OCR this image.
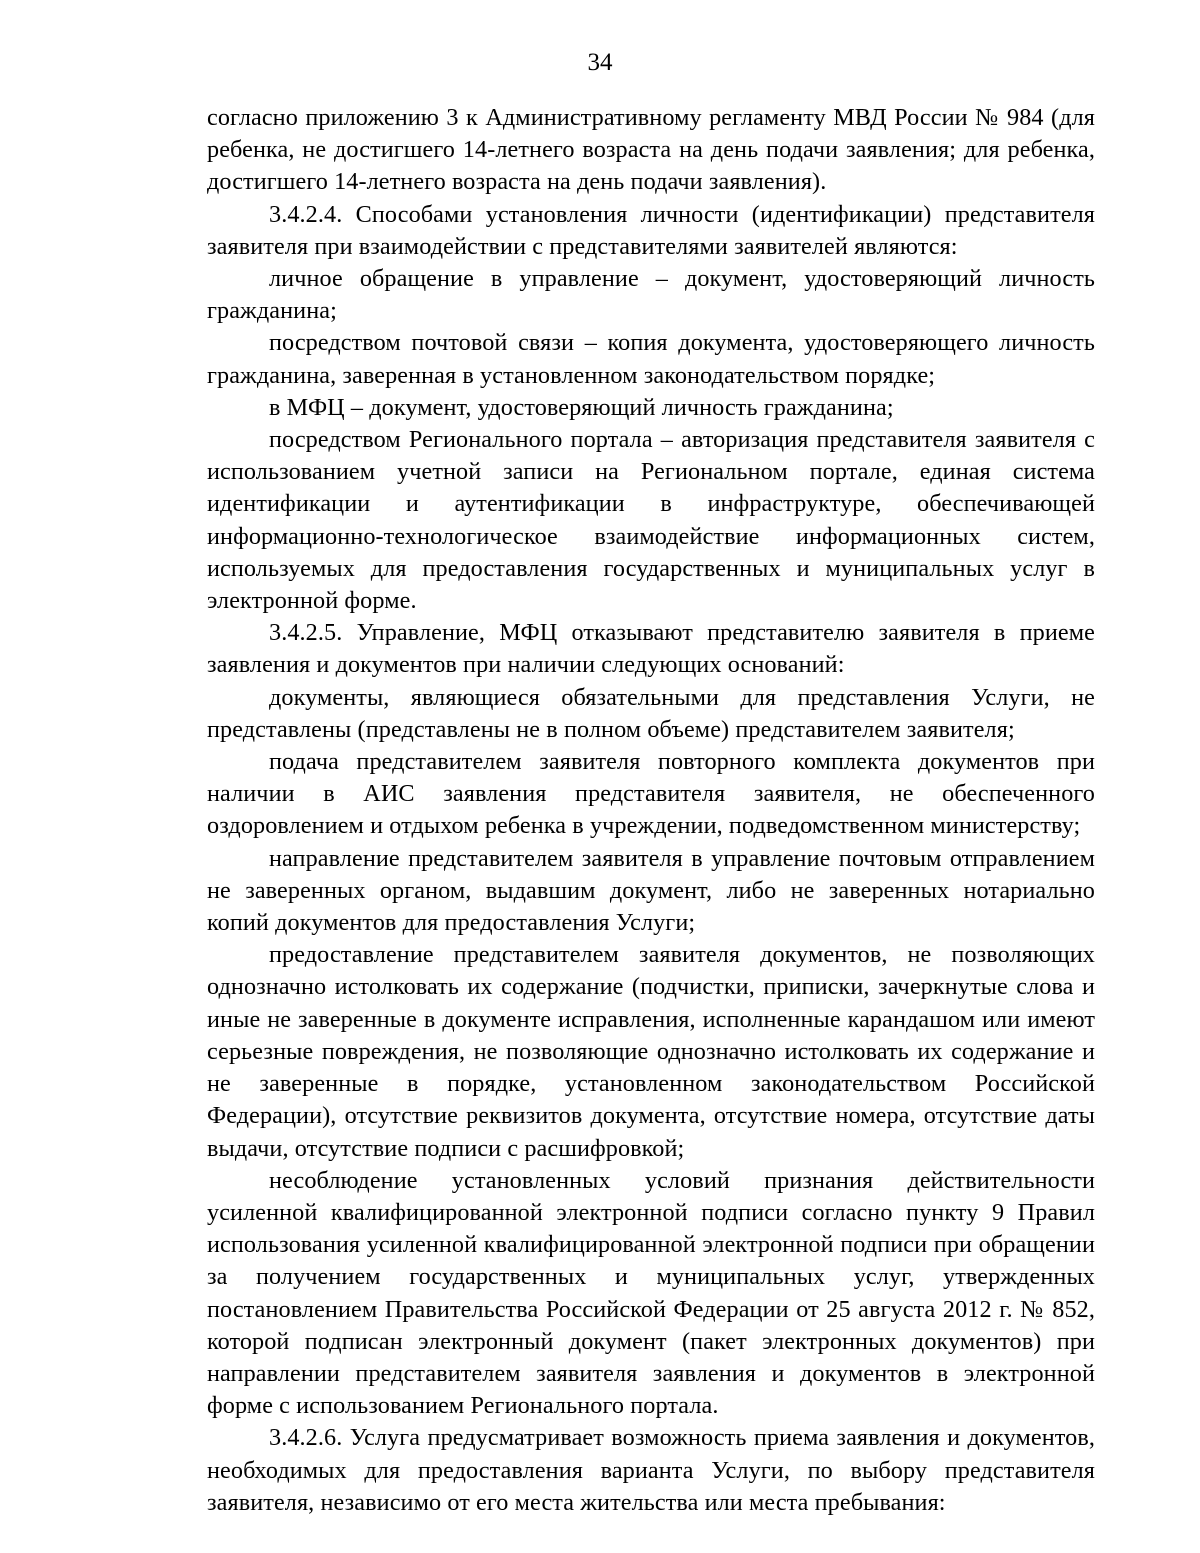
34

согласно приложению 3 к Административному регламенту МВД России № 984 (для ребенка, не достигшего 14-летнего возраста на день подачи заявления; для ребенка, достигшего 14-летнего возраста на день подачи заявления).

3.4.2.4. Способами установления личности (идентификации) представителя заявителя при взаимодействии с представителями заявителей являются:

личное обращение в управление – документ, удостоверяющий личность гражданина;

посредством почтовой связи – копия документа, удостоверяющего личность гражданина, заверенная в установленном законодательством порядке;

в МФЦ – документ, удостоверяющий личность гражданина;

посредством Регионального портала – авторизация представителя заявителя с использованием учетной записи на Региональном портале, единая система идентификации и аутентификации в инфраструктуре, обеспечивающей информационно-технологическое взаимодействие информационных систем, используемых для предоставления государственных и муниципальных услуг в электронной форме.

3.4.2.5. Управление, МФЦ отказывают представителю заявителя в приеме заявления и документов при наличии следующих оснований:

документы, являющиеся обязательными для представления Услуги, не представлены (представлены не в полном объеме) представителем заявителя;

подача представителем заявителя повторного комплекта документов при наличии в АИС заявления представителя заявителя, не обеспеченного оздоровлением и отдыхом ребенка в учреждении, подведомственном министерству;

направление представителем заявителя в управление почтовым отправлением не заверенных органом, выдавшим документ, либо не заверенных нотариально копий документов для предоставления Услуги;

предоставление представителем заявителя документов, не позволяющих однозначно истолковать их содержание (подчистки, приписки, зачеркнутые слова и иные не заверенные в документе исправления, исполненные карандашом или имеют серьезные повреждения, не позволяющие однозначно истолковать их содержание и не заверенные в порядке, установленном законодательством Российской Федерации), отсутствие реквизитов документа, отсутствие номера, отсутствие даты выдачи, отсутствие подписи с расшифровкой;

несоблюдение установленных условий признания действительности усиленной квалифицированной электронной подписи согласно пункту 9 Правил использования усиленной квалифицированной электронной подписи при обращении за получением государственных и муниципальных услуг, утвержденных постановлением Правительства Российской Федерации от 25 августа 2012 г. № 852, которой подписан электронный документ (пакет электронных документов) при направлении представителем заявителя заявления и документов в электронной форме с использованием Регионального портала.

3.4.2.6. Услуга предусматривает возможность приема заявления и документов, необходимых для предоставления варианта Услуги, по выбору представителя заявителя, независимо от его места жительства или места пребывания:
